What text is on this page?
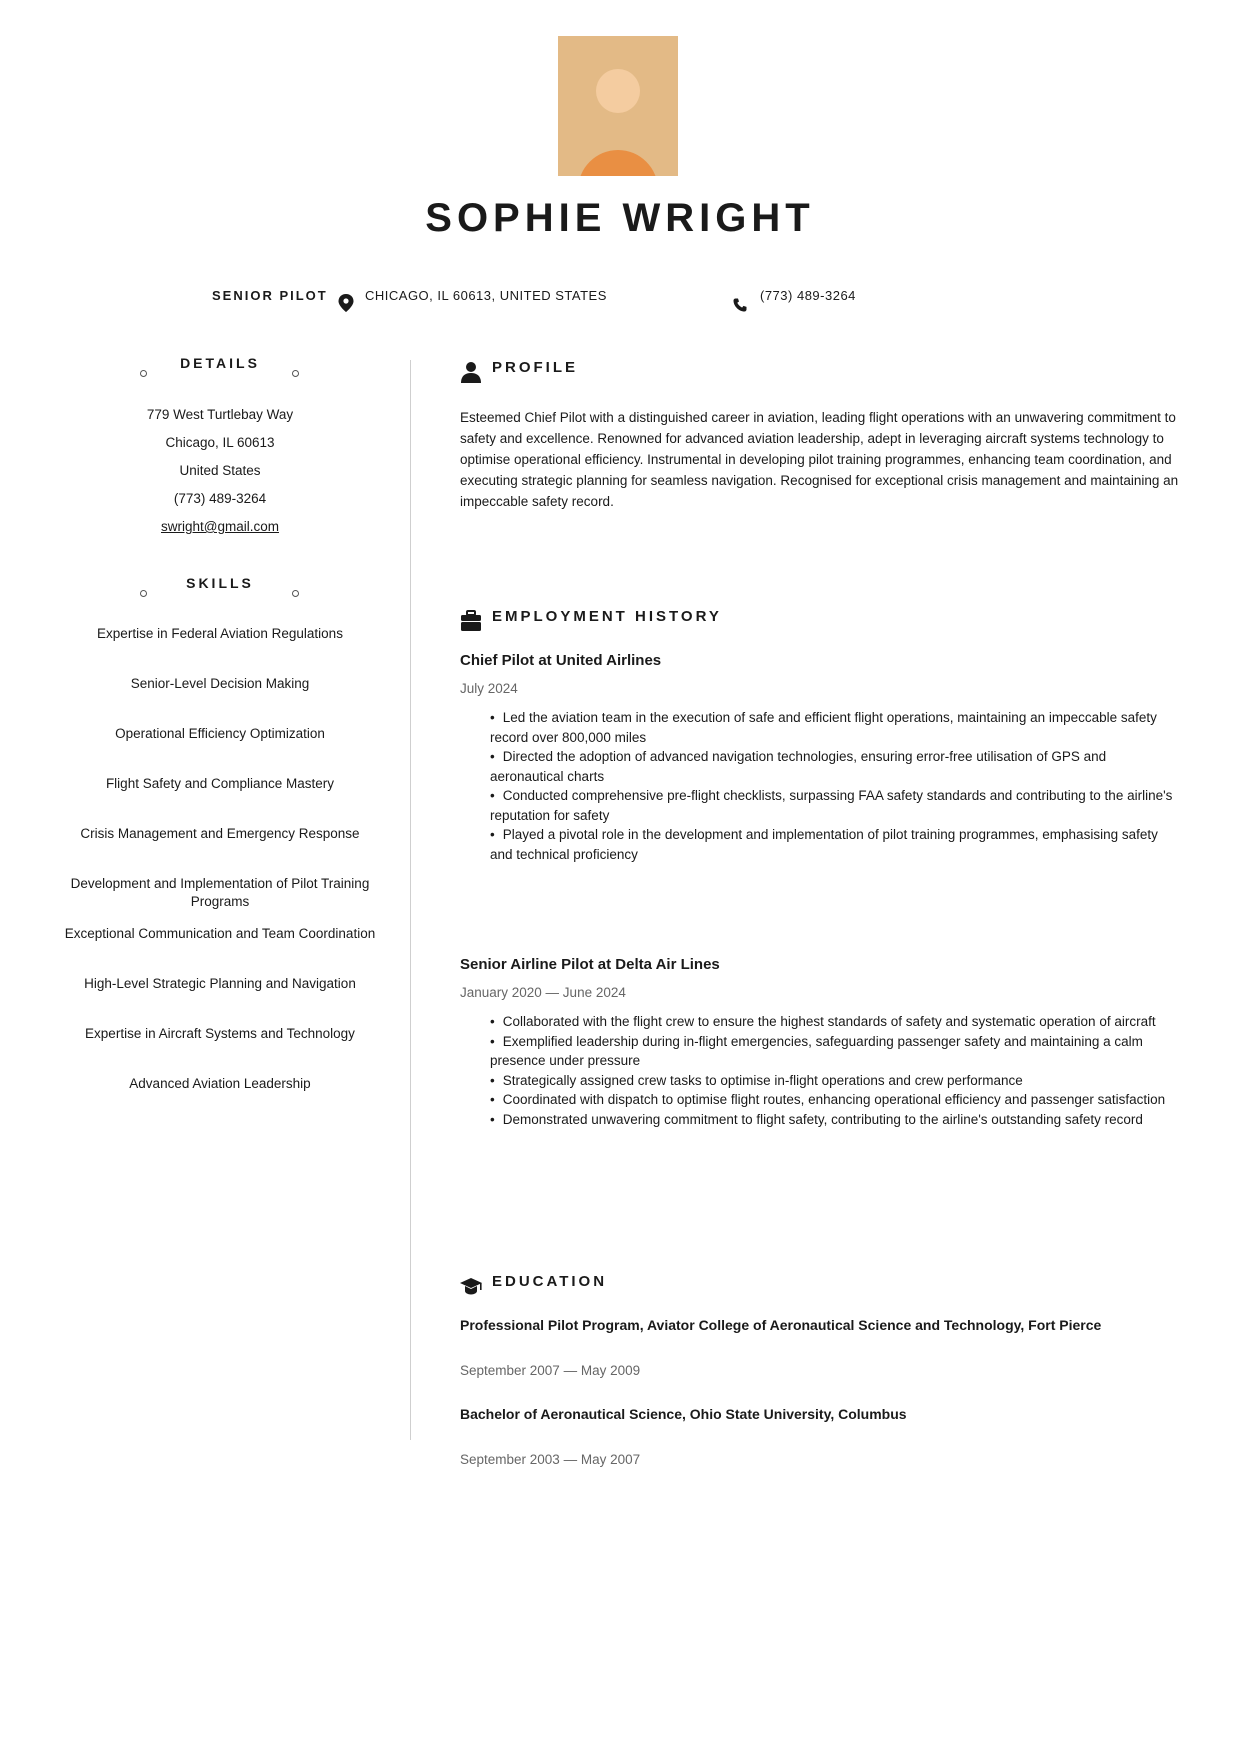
SOPHIE WRIGHT
SENIOR PILOT	CHICAGO, IL 60613, UNITED STATES	(773) 489-3264
DETAILS
779 West Turtlebay Way
Chicago, IL 60613
United States
(773) 489-3264
swright@gmail.com
SKILLS
Expertise in Federal Aviation Regulations
Senior-Level Decision Making
Operational Efficiency Optimization
Flight Safety and Compliance Mastery
Crisis Management and Emergency Response
Development and Implementation of Pilot Training Programs
Exceptional Communication and Team Coordination
High-Level Strategic Planning and Navigation
Expertise in Aircraft Systems and Technology
Advanced Aviation Leadership
PROFILE
Esteemed Chief Pilot with a distinguished career in aviation, leading flight operations with an unwavering commitment to safety and excellence. Renowned for advanced aviation leadership, adept in leveraging aircraft systems technology to optimise operational efficiency. Instrumental in developing pilot training programmes, enhancing team coordination, and executing strategic planning for seamless navigation. Recognised for exceptional crisis management and maintaining an impeccable safety record.
EMPLOYMENT HISTORY
Chief Pilot at United Airlines
July 2024
• Led the aviation team in the execution of safe and efficient flight operations, maintaining an impeccable safety record over 800,000 miles
• Directed the adoption of advanced navigation technologies, ensuring error-free utilisation of GPS and aeronautical charts
• Conducted comprehensive pre-flight checklists, surpassing FAA safety standards and contributing to the airline's reputation for safety
• Played a pivotal role in the development and implementation of pilot training programmes, emphasising safety and technical proficiency
Senior Airline Pilot at Delta Air Lines
January 2020 — June 2024
• Collaborated with the flight crew to ensure the highest standards of safety and systematic operation of aircraft
• Exemplified leadership during in-flight emergencies, safeguarding passenger safety and maintaining a calm presence under pressure
• Strategically assigned crew tasks to optimise in-flight operations and crew performance
• Coordinated with dispatch to optimise flight routes, enhancing operational efficiency and passenger satisfaction
• Demonstrated unwavering commitment to flight safety, contributing to the airline's outstanding safety record
EDUCATION
Professional Pilot Program, Aviator College of Aeronautical Science and Technology, Fort Pierce
September 2007 — May 2009
Bachelor of Aeronautical Science, Ohio State University, Columbus
September 2003 — May 2007
